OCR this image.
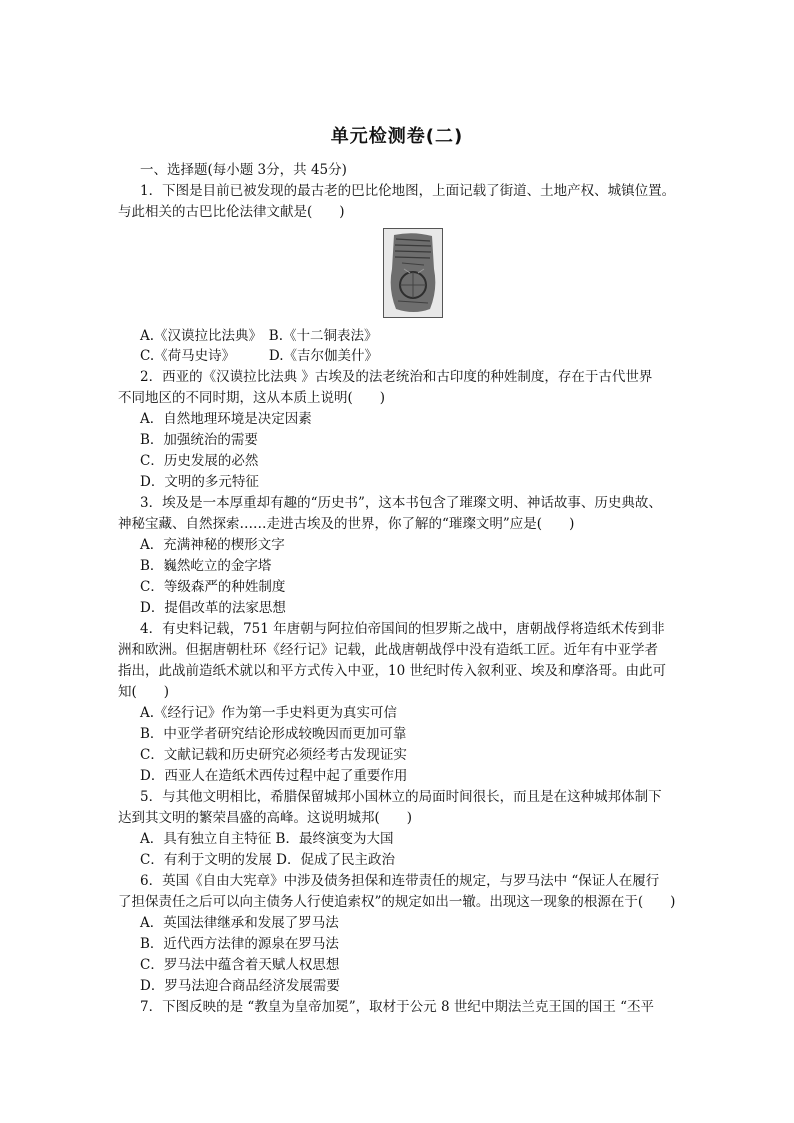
单元检测卷(二)
一、选择题(每小题 3分，共 45分)
1．下图是目前已被发现的最古老的巴比伦地图，上面记载了街道、土地产权、城镇位置。
与此相关的古巴比伦法律文献是(　　)
A.《汉谟拉比法典》　B.《十二铜表法》
C.《荷马史诗》　　　D.《吉尔伽美什》
2．西亚的《汉谟拉比法典 》古埃及的法老统治和古印度的种姓制度，存在于古代世界
不同地区的不同时期，这从本质上说明(　　)
A．自然地理环境是决定因素
B．加强统治的需要
C．历史发展的必然
D．文明的多元特征
3．埃及是一本厚重却有趣的“历史书”，这本书包含了璀璨文明、神话故事、历史典故、
神秘宝藏、自然探索……走进古埃及的世界，你了解的“璀璨文明”应是(　　)
A．充满神秘的楔形文字
B．巍然屹立的金字塔
C．等级森严的种姓制度
D．提倡改革的法家思想
4．有史料记载，751 年唐朝与阿拉伯帝国间的怛罗斯之战中，唐朝战俘将造纸术传到非
洲和欧洲。但据唐朝杜环《经行记》记载，此战唐朝战俘中没有造纸工匠。近年有中亚学者
指出，此战前造纸术就以和平方式传入中亚，10 世纪时传入叙利亚、埃及和摩洛哥。由此可
知(　　)
A.《经行记》作为第一手史料更为真实可信
B．中亚学者研究结论形成较晚因而更加可靠
C．文献记载和历史研究必须经考古发现证实
D．西亚人在造纸术西传过程中起了重要作用
5．与其他文明相比，希腊保留城邦小国林立的局面时间很长，而且是在这种城邦体制下
达到其文明的繁荣昌盛的高峰。这说明城邦(　　)
A．具有独立自主特征 B．最终演变为大国
C．有利于文明的发展 D．促成了民主政治
6．英国《自由大宪章》中涉及债务担保和连带责任的规定，与罗马法中 “保证人在履行
了担保责任之后可以向主债务人行使追索权”的规定如出一辙。出现这一现象的根源在于(　　)
A．英国法律继承和发展了罗马法
B．近代西方法律的源泉在罗马法
C．罗马法中蕴含着天赋人权思想
D．罗马法迎合商品经济发展需要
7．下图反映的是 “教皇为皇帝加冕”，取材于公元 8 世纪中期法兰克王国的国王 “丕平
